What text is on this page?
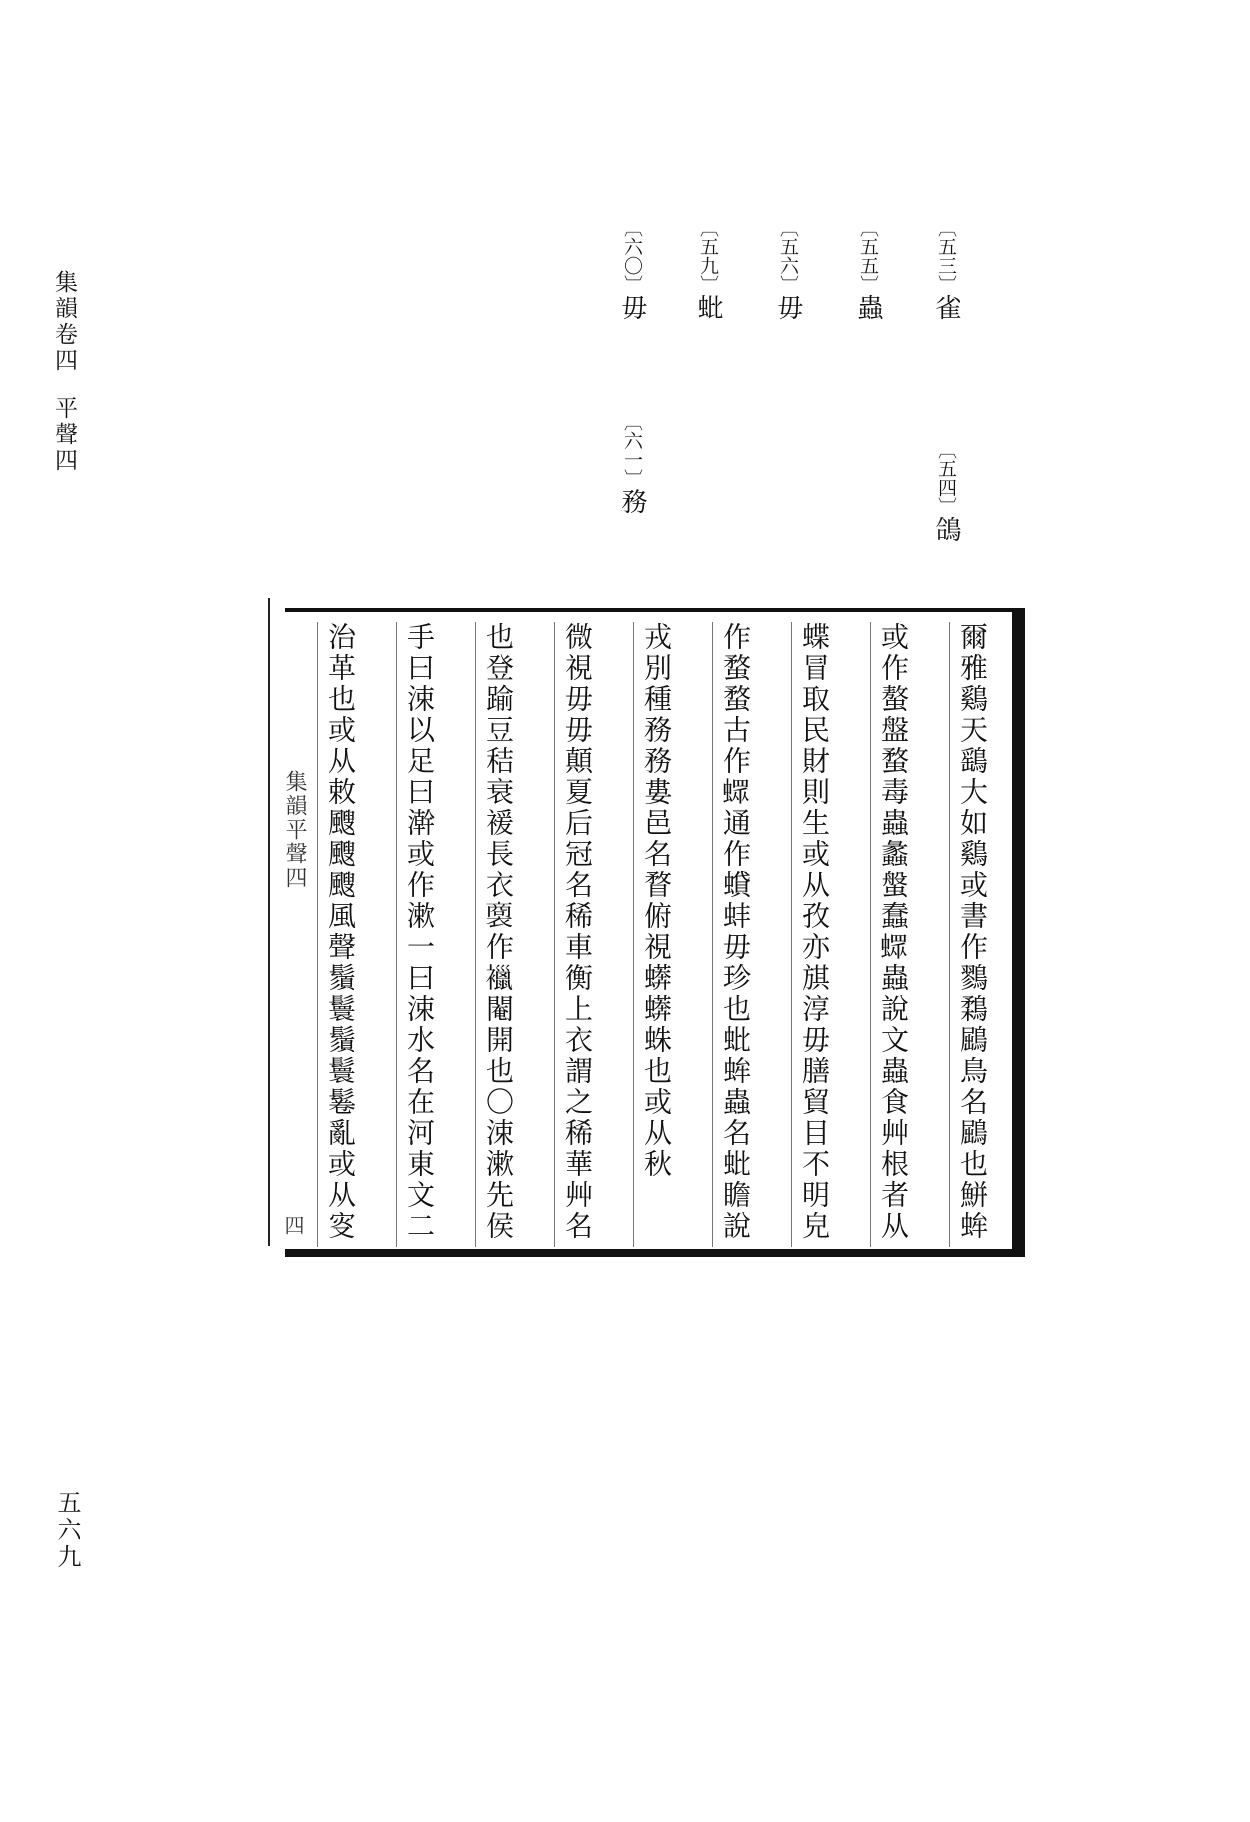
集韻卷四平聲四
五六九
〔五三〕雀
〔五四〕鴿
〔五五〕蟲
〔五六〕毋
〔五九〕蚍
〔六〇〕毋
〔六一〕務
集韻平聲四
四
爾雅鷄天鷂大如鷄或書作鷚鶔鶌鳥名鶌也鮩蛑
或作螯盤蝥毒蟲蠡螌蠢𧑄蟲說文蟲食艸根者从
蝶冒取民財則生或从孜亦𣄃淳毋膳貿目不明皃
作蝥蝥古作𧑄通作蟘蚌毋珍也蚍蛑蟲名蚍瞻說
戎別種務務婁邑名瞀俯視蠎蠎蛛也或从秋
微視毋毋顛夏后冠名稀車衡上衣謂之稀華艸名
也登踰豆秸衰褑長衣𧜟作𧞪閹開也〇涑漱先侯
手曰涑以足曰澣或作漱一曰涑水名在河東文二
治革也或从敕颼颼颼風聲鬚鬟鬚鬟鬈亂或从叜
